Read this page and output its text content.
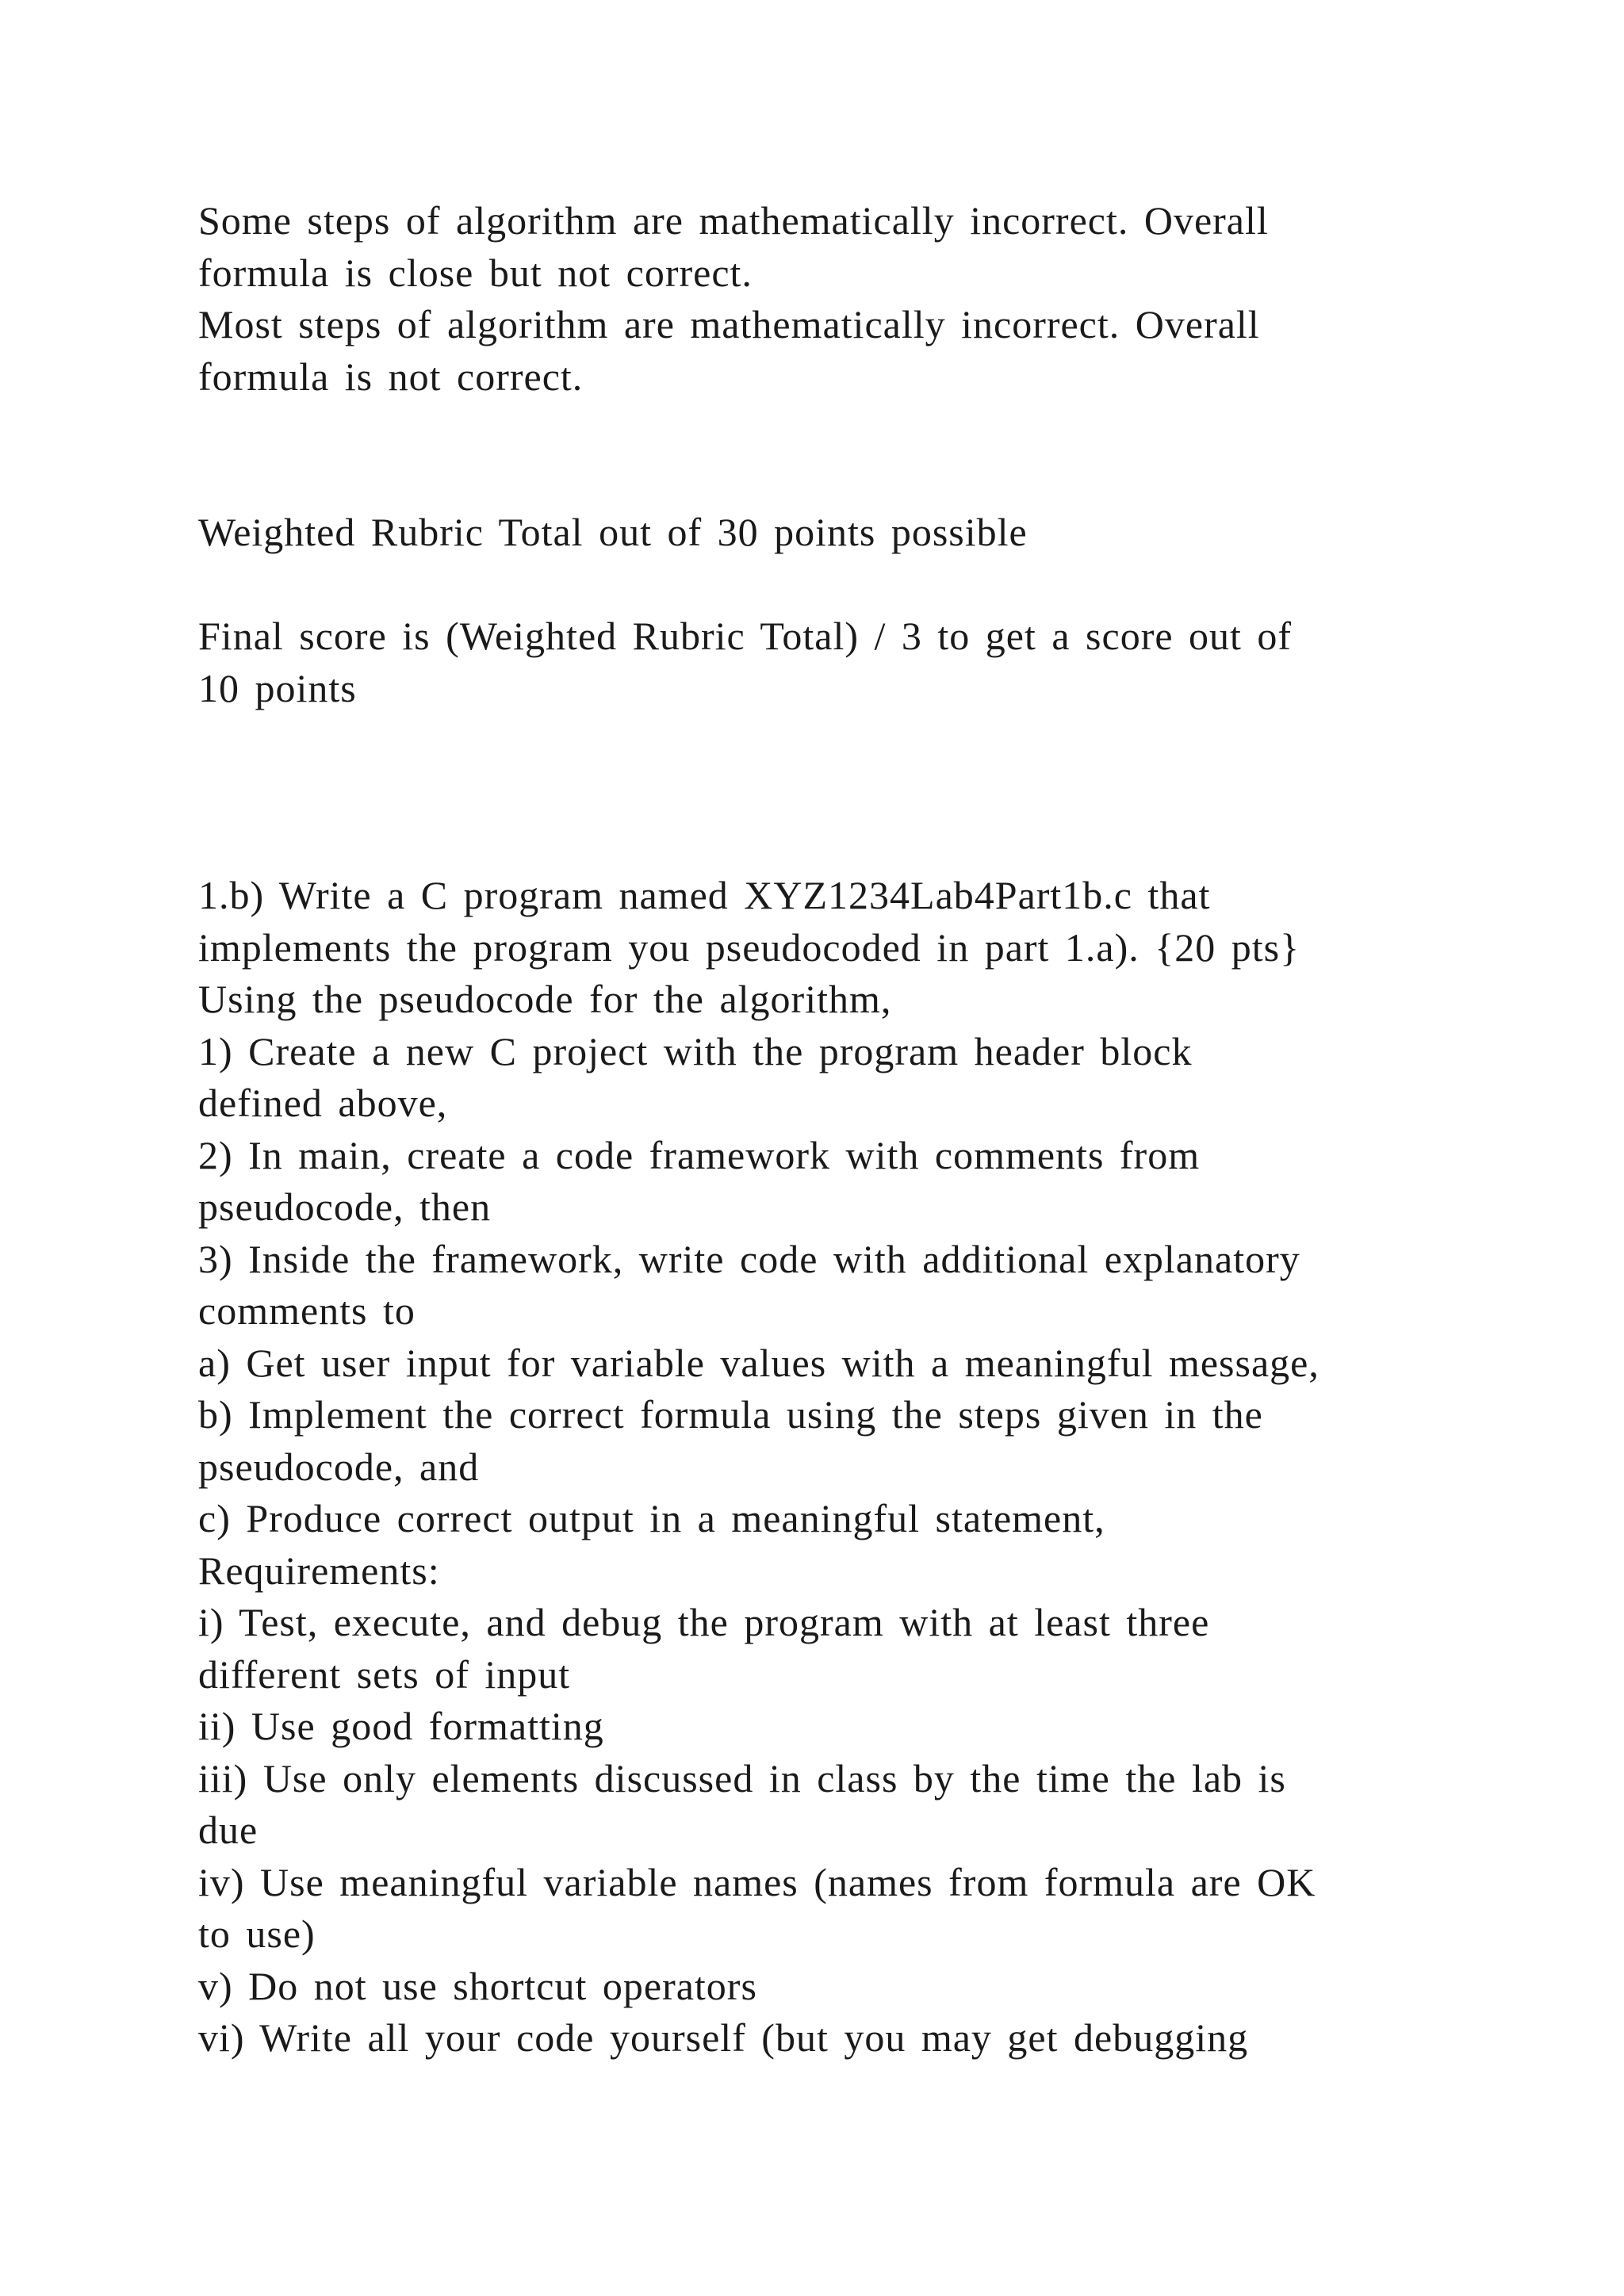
Some steps of algorithm are mathematically incorrect. Overall
formula is close but not correct.
Most steps of algorithm are mathematically incorrect. Overall
formula is not correct.
Weighted Rubric Total out of 30 points possible
Final score is (Weighted Rubric Total) / 3 to get a score out of
10 points
1.b) Write a C program named XYZ1234Lab4Part1b.c that
implements the program you pseudocoded in part 1.a). {20 pts}
Using the pseudocode for the algorithm,
1) Create a new C project with the program header block
defined above,
2) In main, create a code framework with comments from
pseudocode, then
3) Inside the framework, write code with additional explanatory
comments to
a) Get user input for variable values with a meaningful message,
b) Implement the correct formula using the steps given in the
pseudocode, and
c) Produce correct output in a meaningful statement,
Requirements:
i) Test, execute, and debug the program with at least three
different sets of input
ii) Use good formatting
iii) Use only elements discussed in class by the time the lab is
due
iv) Use meaningful variable names (names from formula are OK
to use)
v) Do not use shortcut operators
vi) Write all your code yourself (but you may get debugging
